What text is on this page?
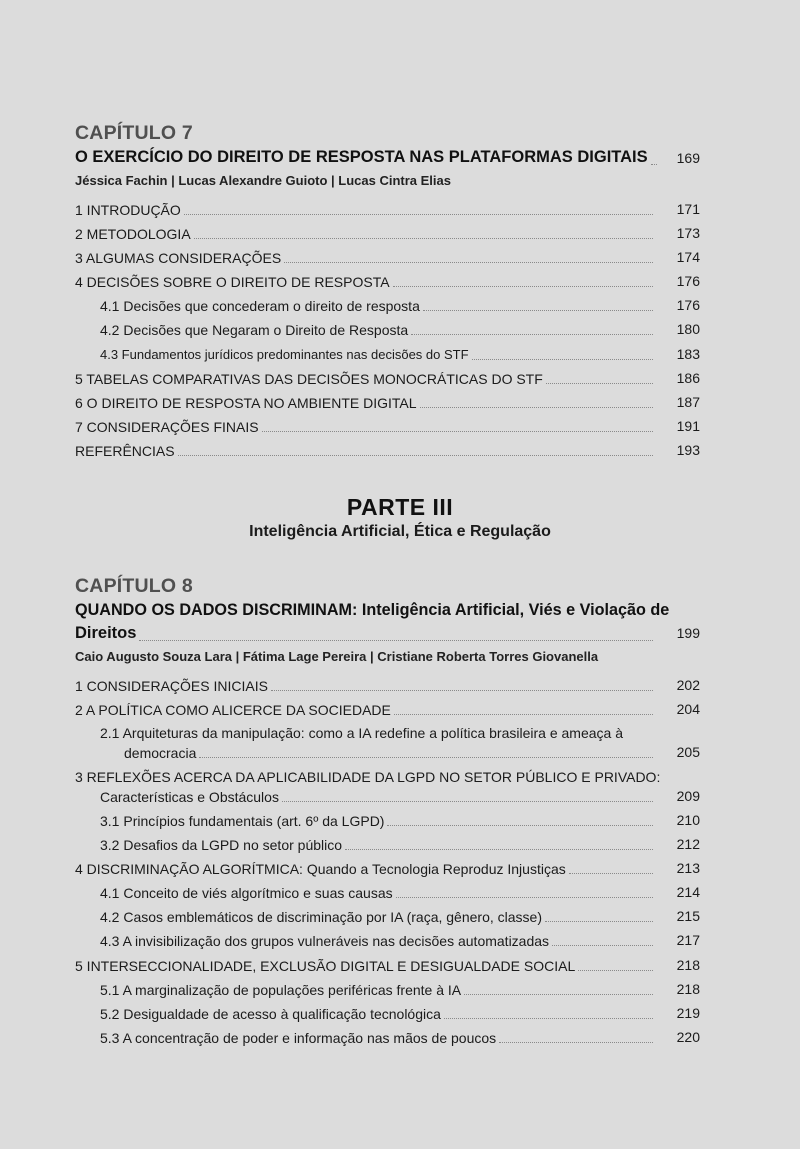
CAPÍTULO 7
O EXERCÍCIO DO DIREITO DE RESPOSTA NAS PLATAFORMAS DIGITAIS	169
Jéssica Fachin | Lucas Alexandre Guioto | Lucas Cintra Elias
1 INTRODUÇÃO	171
2 METODOLOGIA	173
3 ALGUMAS CONSIDERAÇÕES	174
4 DECISÕES SOBRE O DIREITO DE RESPOSTA	176
4.1 Decisões que concederam o direito de resposta	176
4.2 Decisões que Negaram o Direito de Resposta	180
4.3 Fundamentos jurídicos predominantes nas decisões do STF	183
5 TABELAS COMPARATIVAS DAS DECISÕES MONOCRÁTICAS DO STF	186
6 O DIREITO DE RESPOSTA NO AMBIENTE DIGITAL	187
7 CONSIDERAÇÕES FINAIS	191
REFERÊNCIAS	193
PARTE III
Inteligência Artificial, Ética e Regulação
CAPÍTULO 8
QUANDO OS DADOS DISCRIMINAM: Inteligência Artificial, Viés e Violação de
Direitos	199
Caio Augusto Souza Lara | Fátima Lage Pereira | Cristiane Roberta Torres Giovanella
1 CONSIDERAÇÕES INICIAIS	202
2 A POLÍTICA COMO ALICERCE DA SOCIEDADE	204
2.1 Arquiteturas da manipulação: como a IA redefine a política brasileira e ameaça à
democracia	205
3 REFLEXÕES ACERCA DA APLICABILIDADE DA LGPD NO SETOR PÚBLICO E PRIVADO:
Características e Obstáculos	209
3.1 Princípios fundamentais (art. 6º da LGPD)	210
3.2 Desafios da LGPD no setor público	212
4 DISCRIMINAÇÃO ALGORÍTMICA: Quando a Tecnologia Reproduz Injustiças	213
4.1 Conceito de viés algorítmico e suas causas	214
4.2 Casos emblemáticos de discriminação por IA (raça, gênero, classe)	215
4.3 A invisibilização dos grupos vulneráveis nas decisões automatizadas	217
5 INTERSECCIONALIDADE, EXCLUSÃO DIGITAL E DESIGUALDADE SOCIAL	218
5.1 A marginalização de populações periféricas frente à IA	218
5.2 Desigualdade de acesso à qualificação tecnológica	219
5.3 A concentração de poder e informação nas mãos de poucos	220
